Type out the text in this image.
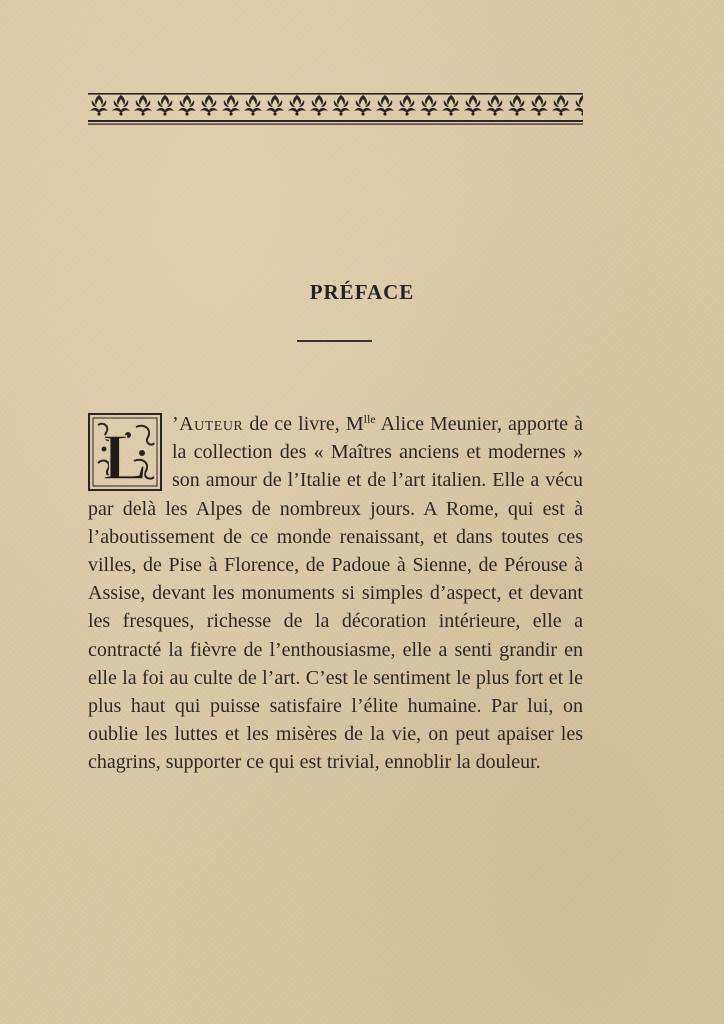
PRÉFACE
L ’Auteur de ce livre, $M^{lle}$ Alice Meunier, apporte à la collection des « Maîtres anciens et modernes » son amour de l’Italie et de l’art italien. Elle a vécu par delà les Alpes de nombreux jours. A Rome, qui est à l’aboutissement de ce monde renaissant, et dans toutes ces villes, de Pise à Florence, de Padoue à Sienne, de Pérouse à Assise, devant les monuments si simples d’aspect, et devant les fresques, richesse de la décoration intérieure, elle a contracté la fièvre de l’enthousiasme, elle a senti grandir en elle la foi au culte de l’art. C’est le sentiment le plus fort et le plus haut qui puisse satisfaire l’élite humaine. Par lui, on oublie les luttes et les misères de la vie, on peut apaiser les chagrins, supporter ce qui est trivial, ennoblir la douleur.
